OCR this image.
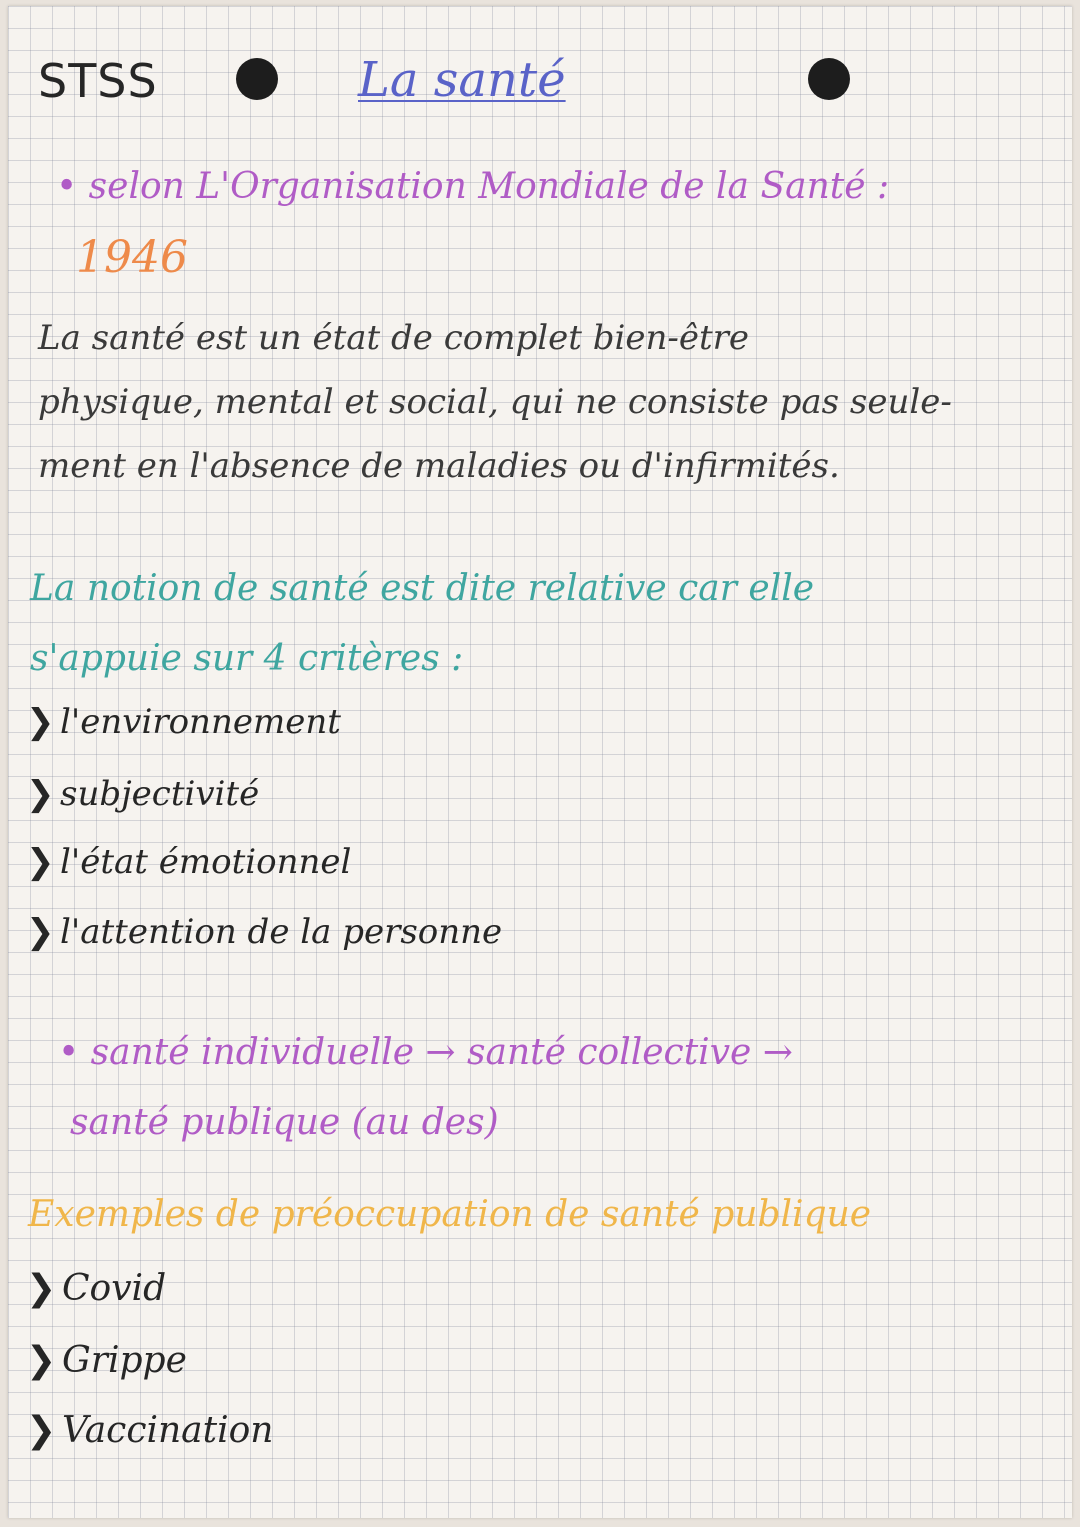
STSS	La santé
• selon L'Organisation Mondiale de la Santé :
1946
La santé est un état de complet bien-être
physique, mental et social, qui ne consiste pas seule-
ment en l'absence de maladies ou d'infirmités.
La notion de santé est dite relative car elle
s'appuie sur 4 critères :
❯ l'environnement
❯ subjectivité
❯ l'état émotionnel
❯ l'attention de la personne
• santé individuelle → santé collective →
santé publique (au des)
Exemples de préoccupation de santé publique
❯ Covid
❯ Grippe
❯ Vaccination
